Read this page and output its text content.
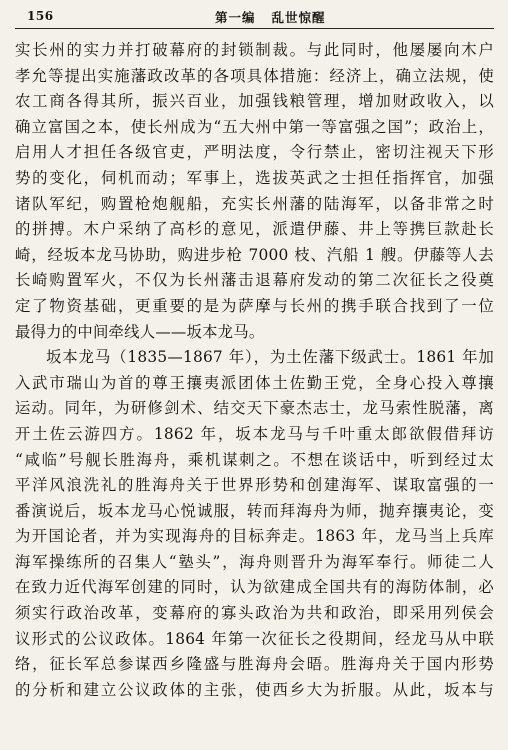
156	第一编 乱世惊醒
实长州的实力并打破幕府的封锁制裁。与此同时，他屡屡向木户
孝允等提出实施藩政改革的各项具体措施：经济上，确立法规，使
农工商各得其所，振兴百业，加强钱粮管理，增加财政收入，以
确立富国之本，使长州成为“五大州中第一等富强之国”；政治上，
启用人才担任各级官吏，严明法度，令行禁止，密切注视天下形
势的变化，伺机而动；军事上，选拔英武之士担任指挥官，加强
诸队军纪，购置枪炮舰船，充实长州藩的陆海军，以备非常之时
的拼搏。木户采纳了高杉的意见，派遣伊藤、井上等携巨款赴长
崎，经坂本龙马协助，购进步枪 7000 枝、汽船 1 艘。伊藤等人去
长崎购置军火，不仅为长州藩击退幕府发动的第二次征长之役奠
定了物资基础，更重要的是为萨摩与长州的携手联合找到了一位
最得力的中间牵线人——坂本龙马。
坂本龙马（1835—1867 年），为土佐藩下级武士。1861 年加
入武市瑞山为首的尊王攘夷派团体土佐勤王党，全身心投入尊攘
运动。同年，为研修剑术、结交天下豪杰志士，龙马索性脱藩，离
开土佐云游四方。1862 年，坂本龙马与千叶重太郎欲假借拜访
“咸临”号舰长胜海舟，乘机谋刺之。不想在谈话中，听到经过太
平洋风浪洗礼的胜海舟关于世界形势和创建海军、谋取富强的一
番演说后，坂本龙马心悦诚服，转而拜海舟为师，抛弃攘夷论，变
为开国论者，并为实现海舟的目标奔走。1863 年，龙马当上兵库
海军操练所的召集人“塾头”，海舟则晋升为海军奉行。师徒二人
在致力近代海军创建的同时，认为欲建成全国共有的海防体制，必
须实行政治改革，变幕府的寡头政治为共和政治，即采用列侯会
议形式的公议政体。1864 年第一次征长之役期间，经龙马从中联
络，征长军总参谋西乡隆盛与胜海舟会晤。胜海舟关于国内形势
的分析和建立公议政体的主张，使西乡大为折服。从此，坂本与
